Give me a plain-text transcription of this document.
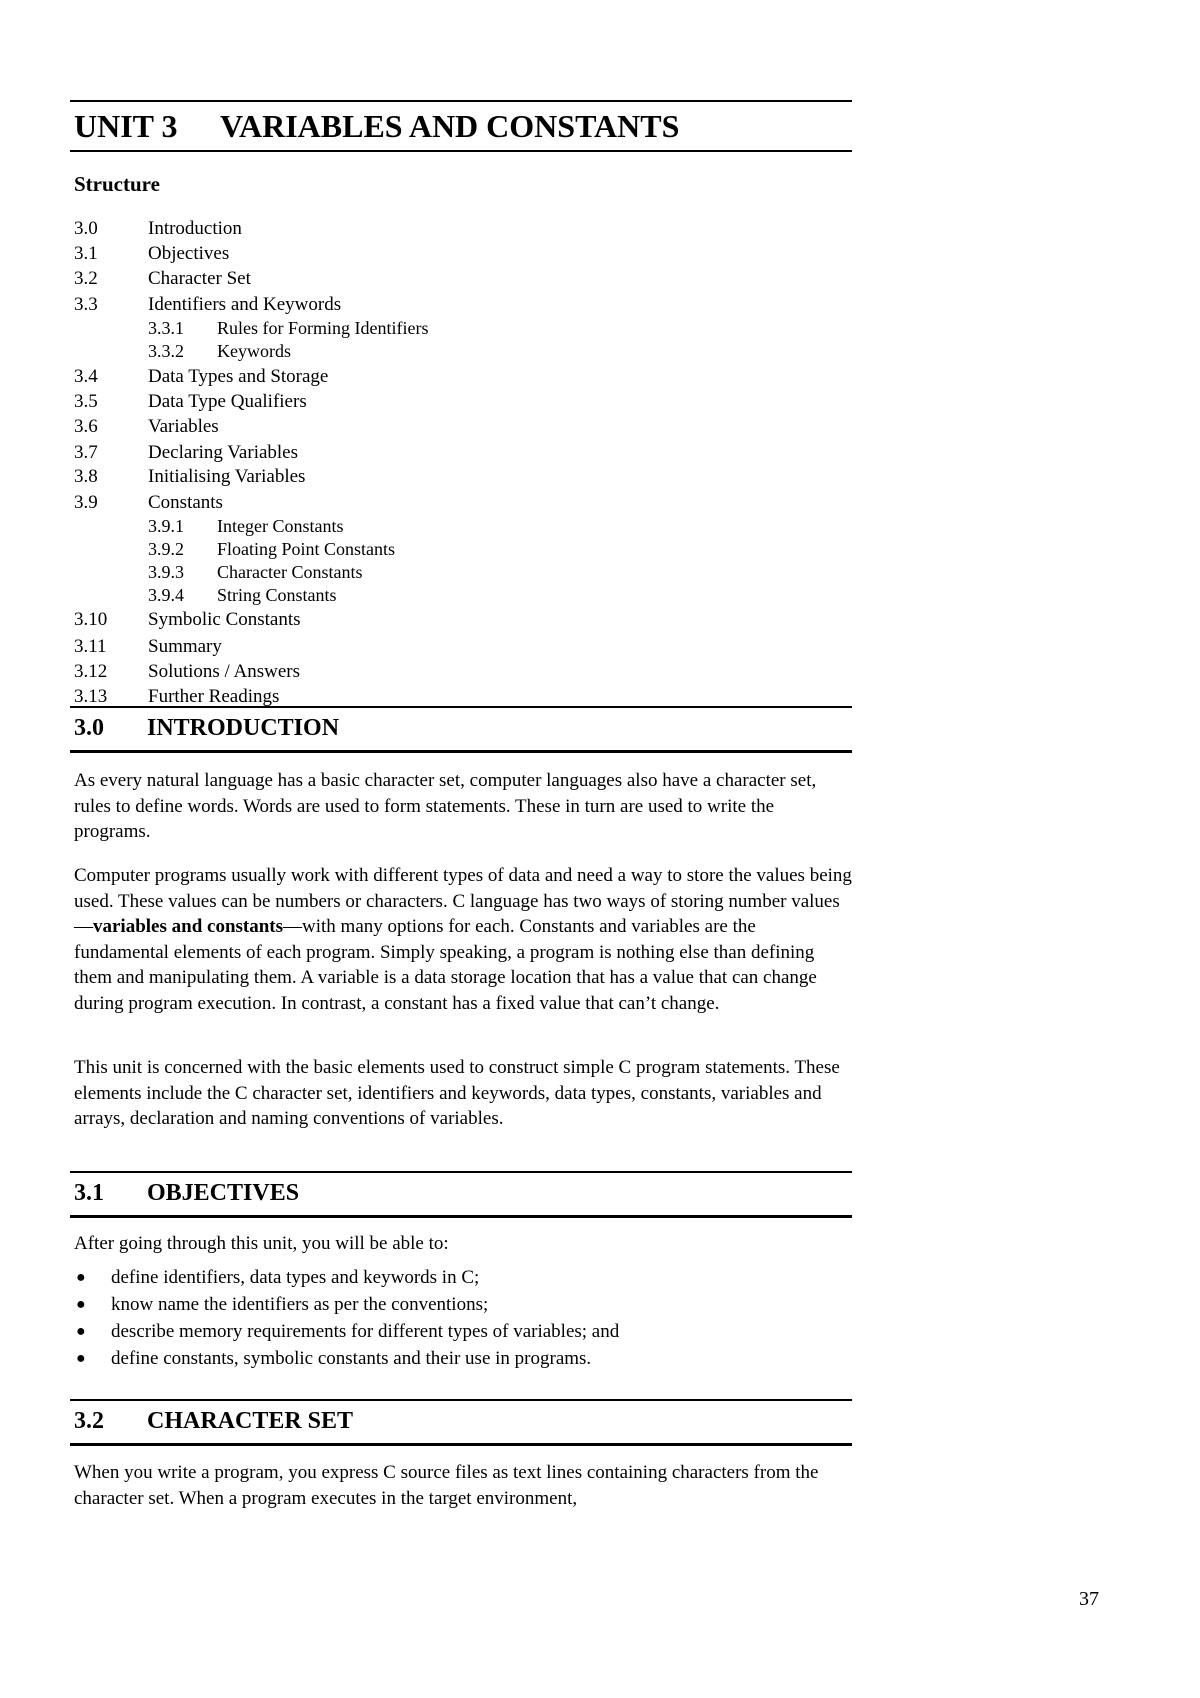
UNIT 3 VARIABLES AND CONSTANTS
Structure
3.0	Introduction
3.1	Objectives
3.2	Character Set
3.3	Identifiers and Keywords
3.3.1 Rules for Forming Identifiers
3.3.2 Keywords
3.4	Data Types and Storage
3.5	Data Type Qualifiers
3.6	Variables
3.7	Declaring Variables
3.8	Initialising Variables
3.9	Constants
3.9.1 Integer Constants
3.9.2 Floating Point Constants
3.9.3 Character Constants
3.9.4 String Constants
3.10 Symbolic Constants
3.11 Summary
3.12 Solutions / Answers
3.13 Further Readings
3.0 INTRODUCTION

As every natural language has a basic character set, computer languages also have a character set, rules to define words. Words are used to form statements. These in turn are used to write the programs.

Computer programs usually work with different types of data and need a way to store the values being used. These values can be numbers or characters. C language has two ways of storing number values—variables and constants—with many options for each. Constants and variables are the fundamental elements of each program. Simply speaking, a program is nothing else than defining them and manipulating them. A variable is a data storage location that has a value that can change during program execution. In contrast, a constant has a fixed value that can’t change.

This unit is concerned with the basic elements used to construct simple C program statements. These elements include the C character set, identifiers and keywords, data types, constants, variables and arrays, declaration and naming conventions of variables.

3.1 OBJECTIVES

After going through this unit, you will be able to:

● define identifiers, data types and keywords in C;
● know name the identifiers as per the conventions;
● describe memory requirements for different types of variables; and
● define constants, symbolic constants and their use in programs.
3.2 CHARACTER SET

When you write a program, you express C source files as text lines containing characters from the character set. When a program executes in the target environment,

37
